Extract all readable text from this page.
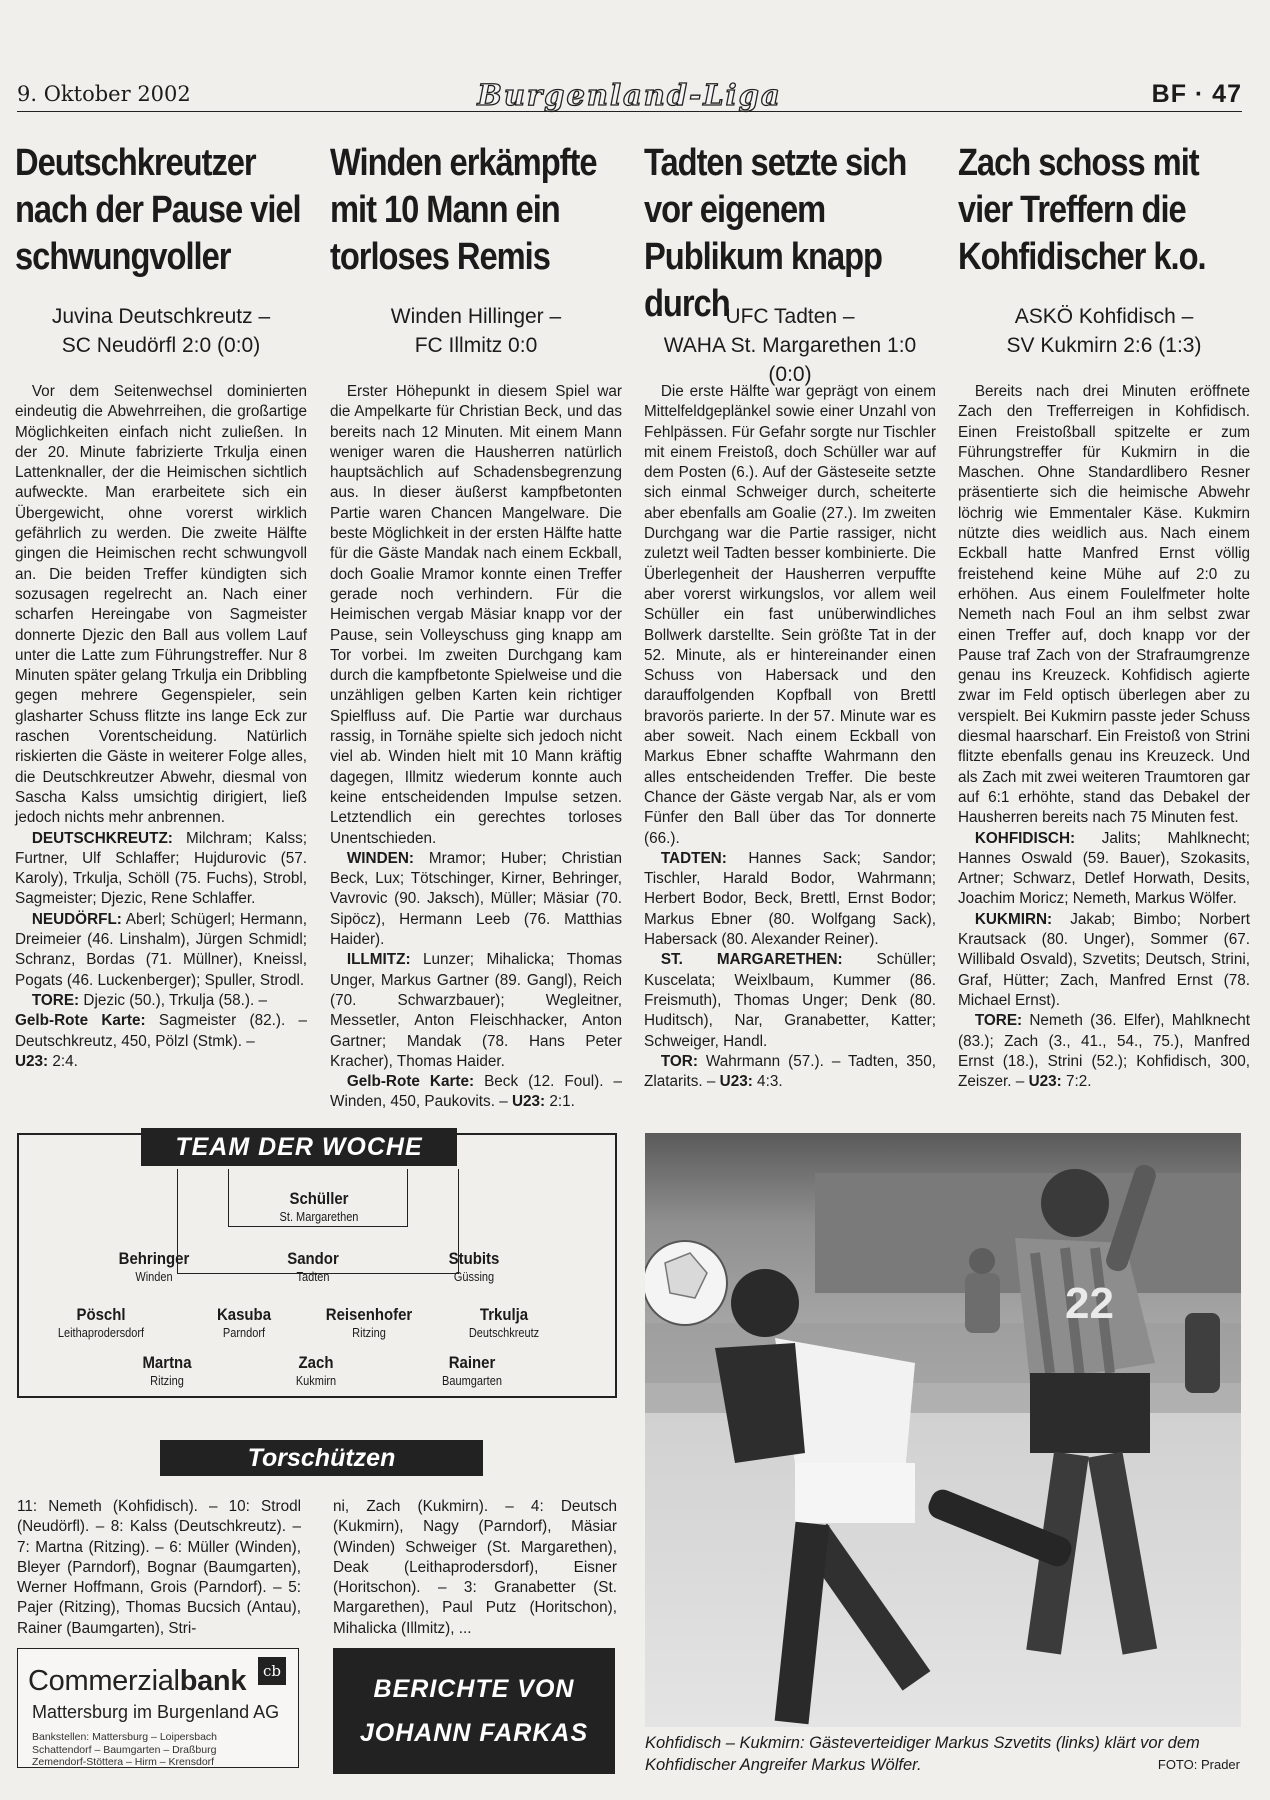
9. Oktober 2002	Burgenland-Liga	BF · 47
Deutschkreutzer nach der Pause viel schwungvoller
Juvina Deutschkreutz –
SC Neudörfl 2:0 (0:0)

Vor dem Seitenwechsel dominierten eindeutig die Abwehrreihen, die großartige Möglichkeiten einfach nicht zuließen. In der 20. Minute fabrizierte Trkulja einen Lattenknaller, der die Heimischen sichtlich aufweckte. Man erarbeitete sich ein Übergewicht, ohne vorerst wirklich gefährlich zu werden. Die zweite Hälfte gingen die Heimischen recht schwungvoll an. Die beiden Treffer kündigten sich sozusagen regelrecht an. Nach einer scharfen Hereingabe von Sagmeister donnerte Djezic den Ball aus vollem Lauf unter die Latte zum Führungstreffer. Nur 8 Minuten später gelang Trkulja ein Dribbling gegen mehrere Gegenspieler, sein glasharter Schuss flitzte ins lange Eck zur raschen Vorentscheidung. Natürlich riskierten die Gäste in weiterer Folge alles, die Deutschkreutzer Abwehr, diesmal von Sascha Kalss umsichtig dirigiert, ließ jedoch nichts mehr anbrennen.

DEUTSCHKREUTZ: Milchram; Kalss; Furtner, Ulf Schlaffer; Hujdurovic (57. Karoly), Trkulja, Schöll (75. Fuchs), Strobl, Sagmeister; Djezic, Rene Schlaffer.

NEUDÖRFL: Aberl; Schügerl; Hermann, Dreimeier (46. Linshalm), Jürgen Schmidl; Schranz, Bordas (71. Müllner), Kneissl, Pogats (46. Luckenberger); Spuller, Strodl.

TORE: Djezic (50.), Trkulja (58.). –
Gelb-Rote Karte: Sagmeister (82.). – Deutschkreutz, 450, Pölzl (Stmk). –
U23: 2:4.

Winden erkämpfte mit 10 Mann ein torloses Remis
Winden Hillinger –
FC Illmitz 0:0

Erster Höhepunkt in diesem Spiel war die Ampelkarte für Christian Beck, und das bereits nach 12 Minuten. Mit einem Mann weniger waren die Hausherren natürlich hauptsächlich auf Schadensbegrenzung aus. In dieser äußerst kampfbetonten Partie waren Chancen Mangelware. Die beste Möglichkeit in der ersten Hälfte hatte für die Gäste Mandak nach einem Eckball, doch Goalie Mramor konnte einen Treffer gerade noch verhindern. Für die Heimischen vergab Mäsiar knapp vor der Pause, sein Volleyschuss ging knapp am Tor vorbei. Im zweiten Durchgang kam durch die kampfbetonte Spielweise und die unzähligen gelben Karten kein richtiger Spielfluss auf. Die Partie war durchaus rassig, in Tornähe spielte sich jedoch nicht viel ab. Winden hielt mit 10 Mann kräftig dagegen, Illmitz wiederum konnte auch keine entscheidenden Impulse setzen. Letztendlich ein gerechtes torloses Unentschieden.

WINDEN: Mramor; Huber; Christian Beck, Lux; Tötschinger, Kirner, Behringer, Vavrovic (90. Jaksch), Müller; Mäsiar (70. Sipöcz), Hermann Leeb (76. Matthias Haider).

ILLMITZ: Lunzer; Mihalicka; Thomas Unger, Markus Gartner (89. Gangl), Reich (70. Schwarzbauer); Wegleitner, Messetler, Anton Fleischhacker, Anton Gartner; Mandak (78. Hans Peter Kracher), Thomas Haider.

Gelb-Rote Karte: Beck (12. Foul). – Winden, 450, Paukovits. – U23: 2:1.

Tadten setzte sich vor eigenem Publikum knapp durch
UFC Tadten –
WAHA St. Margarethen 1:0 (0:0)

Die erste Hälfte war geprägt von einem Mittelfeldgeplänkel sowie einer Unzahl von Fehlpässen. Für Gefahr sorgte nur Tischler mit einem Freistoß, doch Schüller war auf dem Posten (6.). Auf der Gästeseite setzte sich einmal Schweiger durch, scheiterte aber ebenfalls am Goalie (27.). Im zweiten Durchgang war die Partie rassiger, nicht zuletzt weil Tadten besser kombinierte. Die Überlegenheit der Hausherren verpuffte aber vorerst wirkungslos, vor allem weil Schüller ein fast unüberwindliches Bollwerk darstellte. Sein größte Tat in der 52. Minute, als er hintereinander einen Schuss von Habersack und den darauffolgenden Kopfball von Brettl bravorös parierte. In der 57. Minute war es aber soweit. Nach einem Eckball von Markus Ebner schaffte Wahrmann den alles entscheidenden Treffer. Die beste Chance der Gäste vergab Nar, als er vom Fünfer den Ball über das Tor donnerte (66.).

TADTEN: Hannes Sack; Sandor; Tischler, Harald Bodor, Wahrmann; Herbert Bodor, Beck, Brettl, Ernst Bodor; Markus Ebner (80. Wolfgang Sack), Habersack (80. Alexander Reiner).

ST. MARGARETHEN: Schüller; Kuscelata; Weixlbaum, Kummer (86. Freismuth), Thomas Unger; Denk (80. Huditsch), Nar, Granabetter, Katter; Schweiger, Handl.

TOR: Wahrmann (57.). – Tadten, 350, Zlatarits. – U23: 4:3.

Zach schoss mit vier Treffern die Kohfidischer k.o.
ASKÖ Kohfidisch –
SV Kukmirn 2:6 (1:3)

Bereits nach drei Minuten eröffnete Zach den Trefferreigen in Kohfidisch. Einen Freistoßball spitzelte er zum Führungstreffer für Kukmirn in die Maschen. Ohne Standardlibero Resner präsentierte sich die heimische Abwehr löchrig wie Emmentaler Käse. Kukmirn nützte dies weidlich aus. Nach einem Eckball hatte Manfred Ernst völlig freistehend keine Mühe auf 2:0 zu erhöhen. Aus einem Foulelfmeter holte Nemeth nach Foul an ihm selbst zwar einen Treffer auf, doch knapp vor der Pause traf Zach von der Strafraumgrenze genau ins Kreuzeck. Kohfidisch agierte zwar im Feld optisch überlegen aber zu verspielt. Bei Kukmirn passte jeder Schuss diesmal haarscharf. Ein Freistoß von Strini flitzte ebenfalls genau ins Kreuzeck. Und als Zach mit zwei weiteren Traumtoren gar auf 6:1 erhöhte, stand das Debakel der Hausherren bereits nach 75 Minuten fest.

KOHFIDISCH: Jalits; Mahlknecht; Hannes Oswald (59. Bauer), Szokasits, Artner; Schwarz, Detlef Horwath, Desits, Joachim Moricz; Nemeth, Markus Wölfer.

KUKMIRN: Jakab; Bimbo; Norbert Krautsack (80. Unger), Sommer (67. Willibald Osvald), Szvetits; Deutsch, Strini, Graf, Hütter; Zach, Manfred Ernst (78. Michael Ernst).

TORE: Nemeth (36. Elfer), Mahlknecht (83.); Zach (3., 41., 54., 75.), Manfred Ernst (18.), Strini (52.); Kohfidisch, 300, Zeiszer. – U23: 7:2.

Schüller
St. Margarethen
Behringer
Winden
Sandor
Tadten
Stubits
Güssing
Pöschl
Leithaprodersdorf
Kasuba
Parndorf
Reisenhofer
Ritzing
Trkulja
Deutschkreutz
Martna
Ritzing
Zach
Kukmirn
Rainer
Baumgarten
TEAM DER WOCHE
Torschützen
11: Nemeth (Kohfidisch). – 10: Strodl (Neudörfl). – 8: Kalss (Deutschkreutz). – 7: Martna (Ritzing). – 6: Müller (Winden), Bleyer (Parndorf), Bognar (Baumgarten), Werner Hoffmann, Grois (Parndorf). – 5: Pajer (Ritzing), Thomas Bucsich (Antau), Rainer (Baumgarten), Stri-
ni, Zach (Kukmirn). – 4: Deutsch (Kukmirn), Nagy (Parndorf), Mäsiar (Winden) Schweiger (St. Margarethen), Deak (Leithaprodersdorf), Eisner (Horitschon). – 3: Granabetter (St. Margarethen), Paul Putz (Horitschon), Mihalicka (Illmitz), ...
Commerzialbank	cb
Mattersburg im Burgenland AG
Bankstellen: Mattersburg – Loipersbach
Schattendorf – Baumgarten – Draßburg
Zemendorf-Stöttera – Hirm – Krensdorf
BERICHTE VON
JOHANN FARKAS
22
Kohfidisch – Kukmirn: Gästeverteidiger Markus Szvetits (links) klärt vor dem Kohfidischer Angreifer Markus Wölfer.	FOTO: Prader
